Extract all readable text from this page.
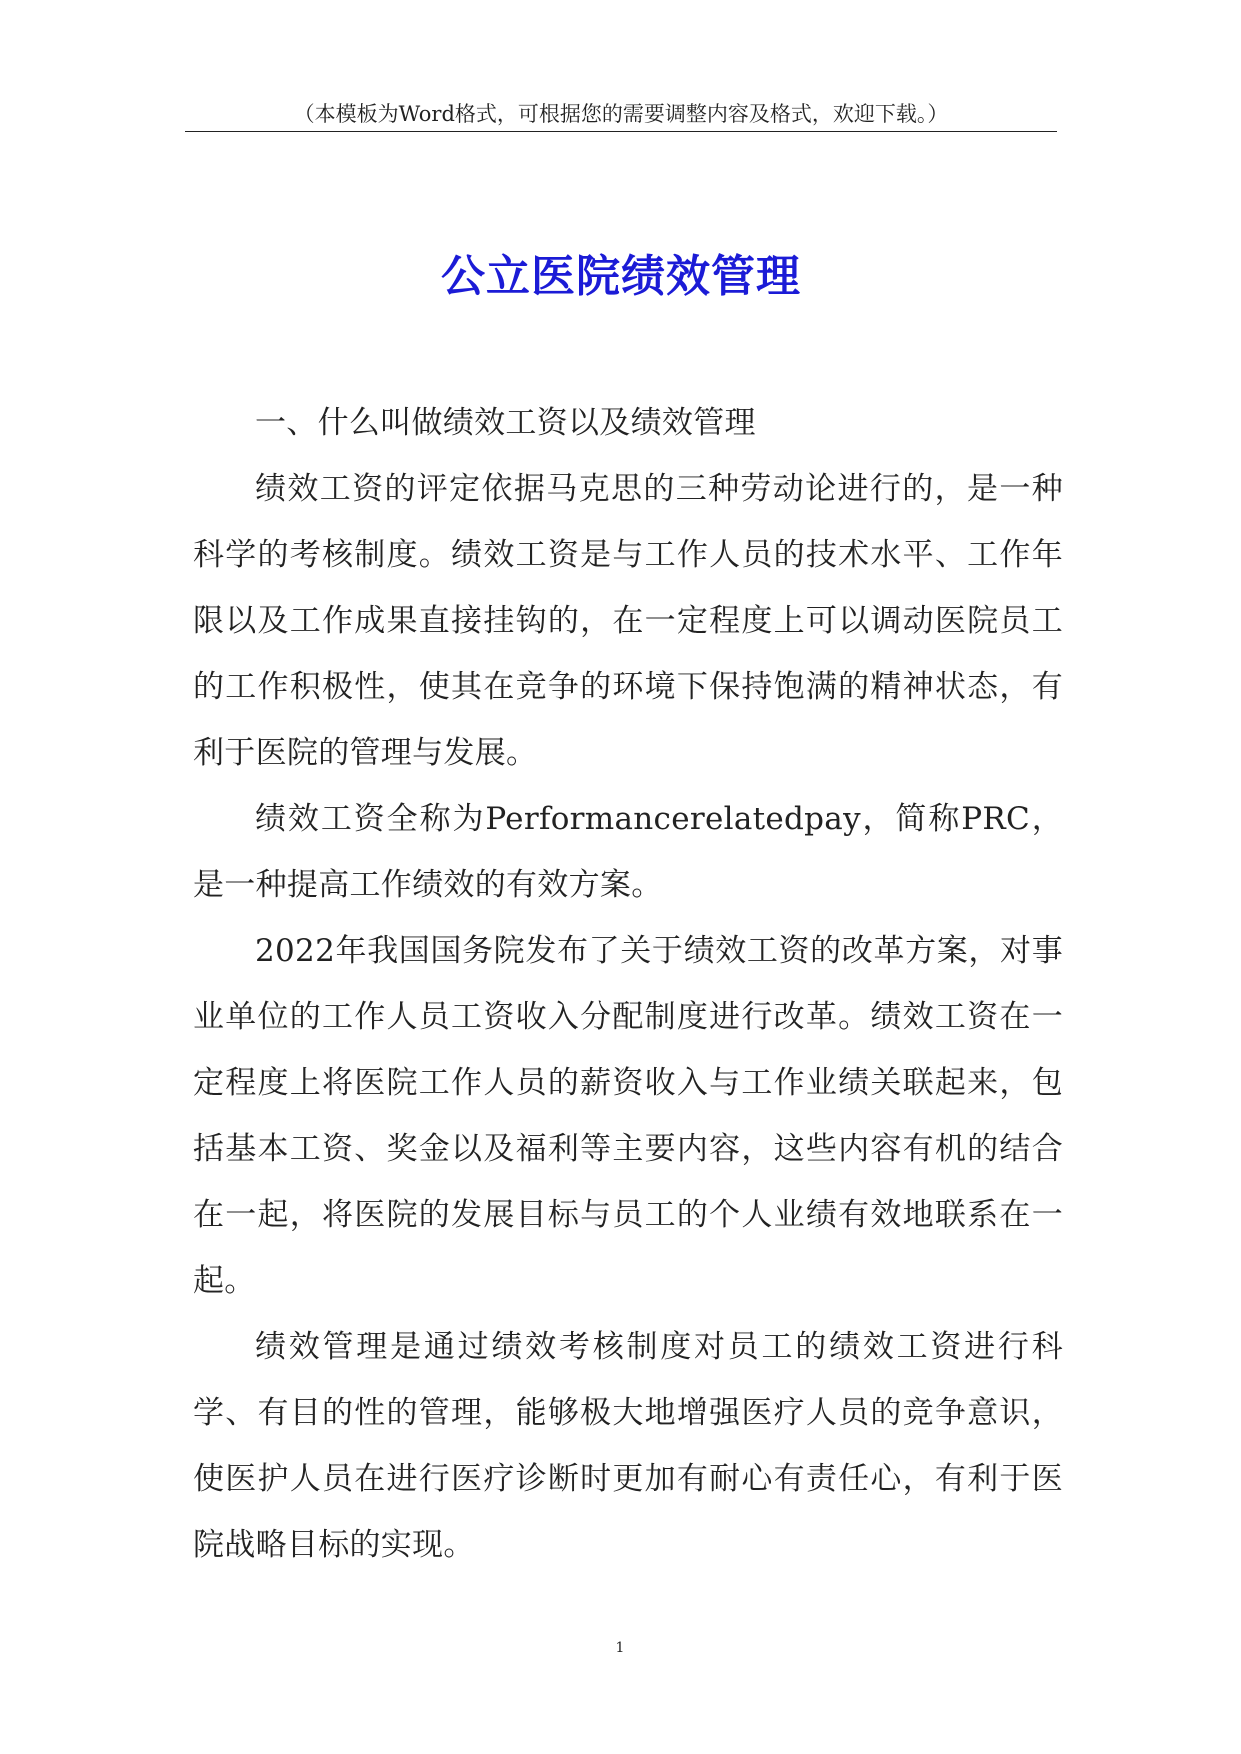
（本模板为Word格式，可根据您的需要调整内容及格式，欢迎下载。）
公立医院绩效管理

一、什么叫做绩效工资以及绩效管理

绩效工资的评定依据马克思的三种劳动论进行的，是一种科学的考核制度。绩效工资是与工作人员的技术水平、工作年限以及工作成果直接挂钩的，在一定程度上可以调动医院员工的工作积极性，使其在竞争的环境下保持饱满的精神状态，有利于医院的管理与发展。

绩效工资全称为Performancerelatedpay，简称PRC，是一种提高工作绩效的有效方案。

2022年我国国务院发布了关于绩效工资的改革方案，对事业单位的工作人员工资收入分配制度进行改革。绩效工资在一定程度上将医院工作人员的薪资收入与工作业绩关联起来，包括基本工资、奖金以及福利等主要内容，这些内容有机的结合在一起，将医院的发展目标与员工的个人业绩有效地联系在一起。

绩效管理是通过绩效考核制度对员工的绩效工资进行科学、有目的性的管理，能够极大地增强医疗人员的竞争意识，使医护人员在进行医疗诊断时更加有耐心有责任心，有利于医院战略目标的实现。

1
